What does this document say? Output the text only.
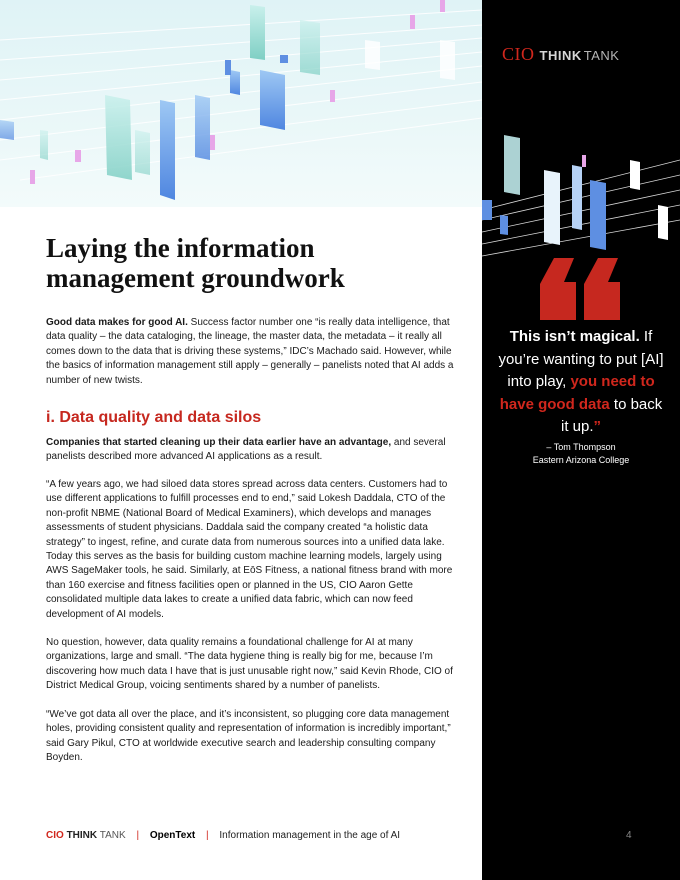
CIO THINK TANK
This isn’t magical. If you’re wanting to put [AI] into play, you need to have good data to back it up.”
– Tom Thompson
Eastern Arizona College
Laying the information management groundwork

Good data makes for good AI. Success factor number one “is really data intelligence, that data quality – the data cataloging, the lineage, the master data, the metadata – it really all comes down to the data that is driving these systems,” IDC’s Machado said. However, while the basics of information management still apply – generally – panelists noted that AI adds a number of new twists.

i. Data quality and data silos

Companies that started cleaning up their data earlier have an advantage, and several panelists described more advanced AI applications as a result.

“A few years ago, we had siloed data stores spread across data centers. Customers had to use different applications to fulfill processes end to end,” said Lokesh Daddala, CTO of the non-profit NBME (National Board of Medical Examiners), which develops and manages assessments of student physicians. Daddala said the company created “a holistic data strategy” to ingest, refine, and curate data from numerous sources into a unified data lake. Today this serves as the basis for building custom machine learning models, largely using AWS SageMaker tools, he said. Similarly, at EōS Fitness, a national fitness brand with more than 160 exercise and fitness facilities open or planned in the US, CIO Aaron Gette consolidated multiple data lakes to create a unified data fabric, which can now feed development of AI models.

No question, however, data quality remains a foundational challenge for AI at many organizations, large and small. “The data hygiene thing is really big for me, because I’m discovering how much data I have that is just unusable right now,” said Kevin Rhode, CIO of District Medical Group, voicing sentiments shared by a number of panelists.

“We’ve got data all over the place, and it’s inconsistent, so plugging core data management holes, providing consistent quality and representation of information is incredibly important,” said Gary Pikul, CTO at worldwide executive search and leadership consulting company Boyden.

CIO THINK TANK | OpenText | Information management in the age of AI	4
